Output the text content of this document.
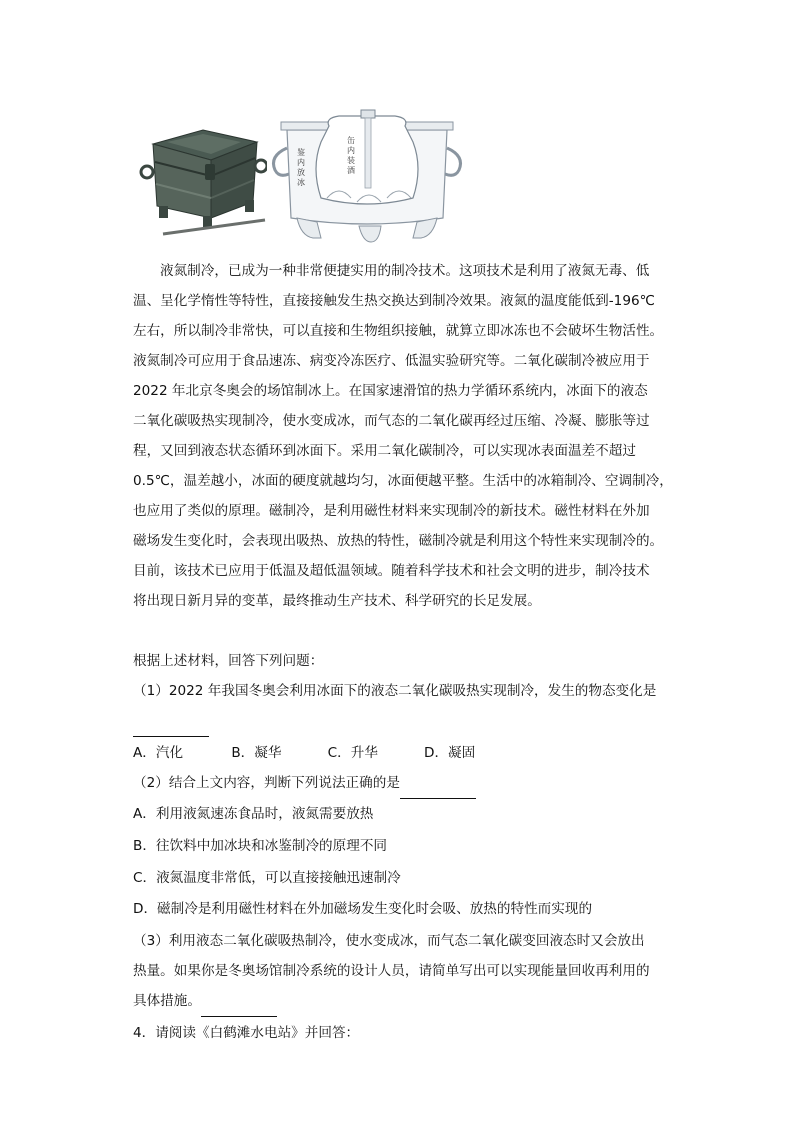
鉴内放冰	缶内装酒
液氮制冷，已成为一种非常便捷实用的制冷技术。这项技术是利用了液氮无毒、低
温、呈化学惰性等特性，直接接触发生热交换达到制冷效果。液氮的温度能低到-196℃
左右，所以制冷非常快，可以直接和生物组织接触，就算立即冰冻也不会破坏生物活性。
液氮制冷可应用于食品速冻、病变冷冻医疗、低温实验研究等。二氧化碳制冷被应用于
2022 年北京冬奥会的场馆制冰上。在国家速滑馆的热力学循环系统内，冰面下的液态
二氧化碳吸热实现制冷，使水变成冰，而气态的二氧化碳再经过压缩、冷凝、膨胀等过
程，又回到液态状态循环到冰面下。采用二氧化碳制冷，可以实现冰表面温差不超过
0.5℃，温差越小，冰面的硬度就越均匀，冰面便越平整。生活中的冰箱制冷、空调制冷，
也应用了类似的原理。磁制冷，是利用磁性材料来实现制冷的新技术。磁性材料在外加
磁场发生变化时，会表现出吸热、放热的特性，磁制冷就是利用这个特性来实现制冷的。
目前，该技术已应用于低温及超低温领域。随着科学技术和社会文明的进步，制冷技术
将出现日新月异的变革，最终推动生产技术、科学研究的长足发展。
根据上述材料，回答下列问题：
（1）2022 年我国冬奥会利用冰面下的液态二氧化碳吸热实现制冷，发生的物态变化是

A．汽化	B．凝华	C．升华	D．凝固
（2）结合上文内容，判断下列说法正确的是
A．利用液氮速冻食品时，液氮需要放热
B．往饮料中加冰块和冰鉴制冷的原理不同
C．液氮温度非常低，可以直接接触迅速制冷
D．磁制冷是利用磁性材料在外加磁场发生变化时会吸、放热的特性而实现的
（3）利用液态二氧化碳吸热制冷，使水变成冰，而气态二氧化碳变回液态时又会放出
热量。如果你是冬奥场馆制冷系统的设计人员，请简单写出可以实现能量回收再利用的
具体措施。
4．请阅读《白鹤滩水电站》并回答：
